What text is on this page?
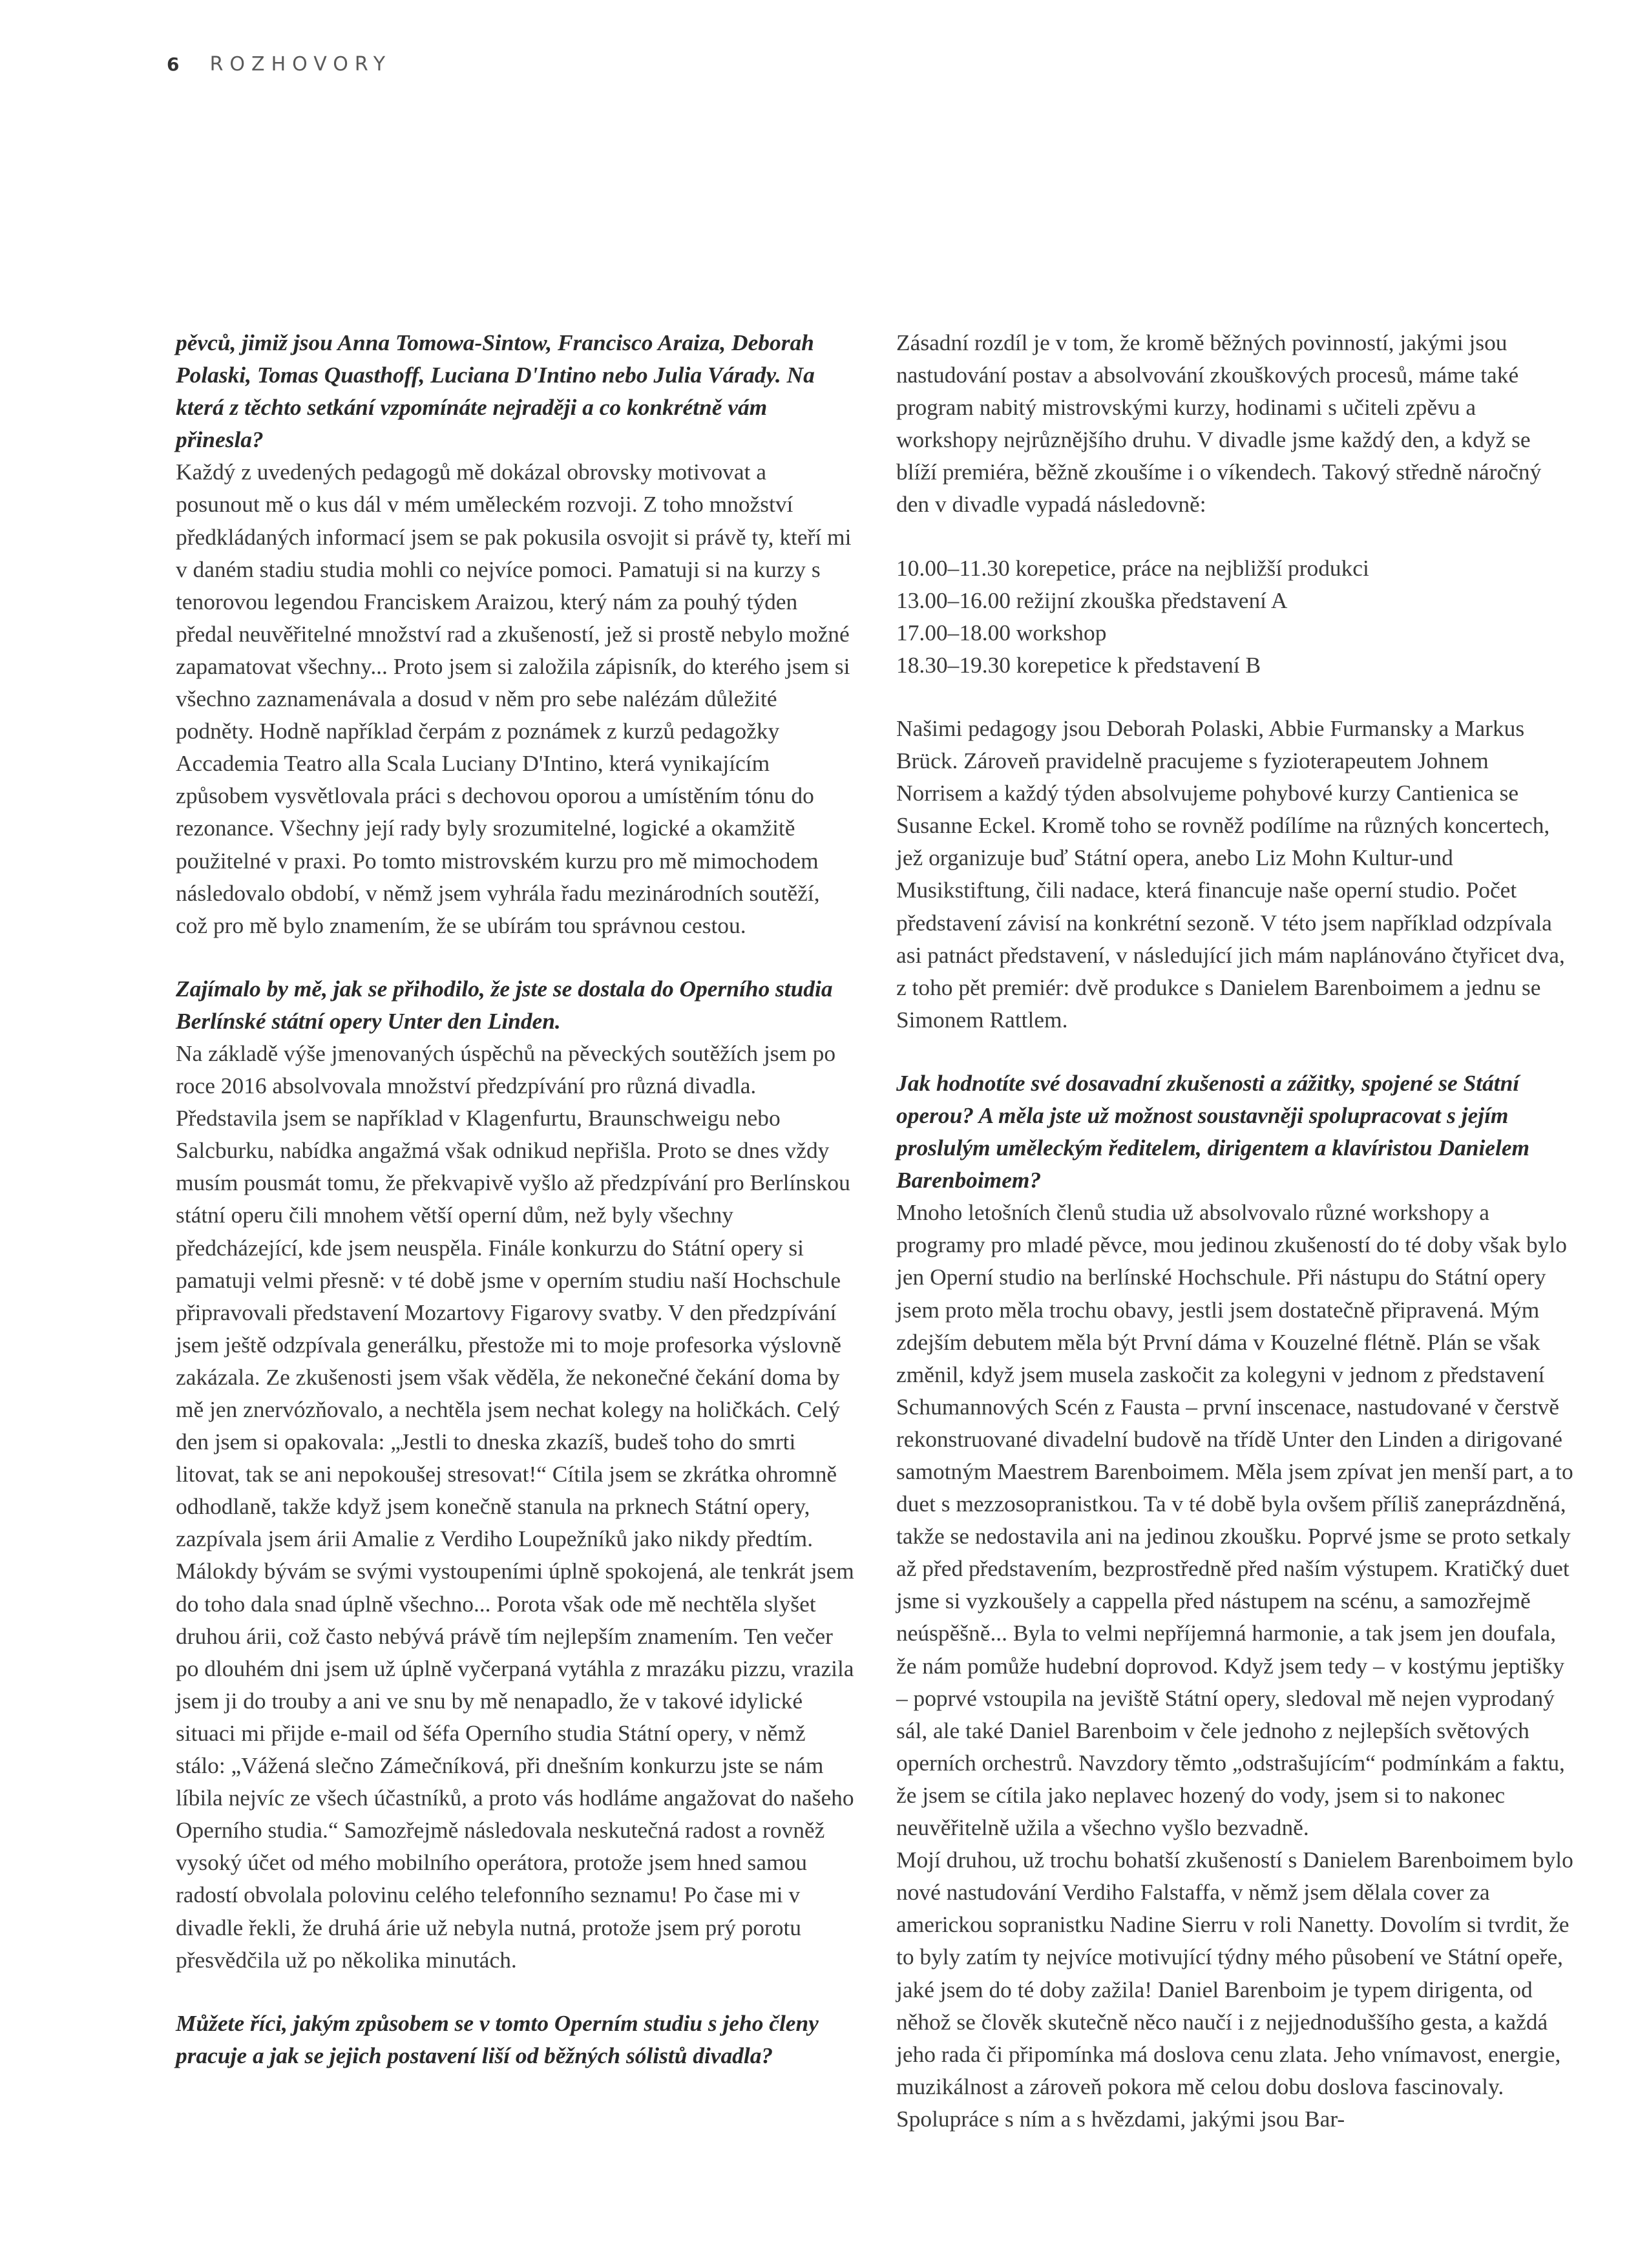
6 ROZHOVORY

pěvců, jimiž jsou Anna Tomowa-Sintow, Francisco Araiza, Deborah Polaski, Tomas Quasthoff, Luciana D'Intino nebo Julia Várady. Na která z těchto setkání vzpomínáte nejraději a co konkrétně vám přinesla?

Každý z uvedených pedagogů mě dokázal obrovsky motivovat a posunout mě o kus dál v mém uměleckém rozvoji. Z toho množství předkládaných informací jsem se pak pokusila osvojit si právě ty, kteří mi v daném stadiu studia mohli co nejvíce pomoci. Pamatuji si na kurzy s tenorovou legendou Franciskem Araizou, který nám za pouhý týden předal neuvěřitelné množství rad a zkušeností, jež si prostě nebylo možné zapamatovat všechny... Proto jsem si založila zápisník, do kterého jsem si všechno zaznamenávala a dosud v něm pro sebe nalézám důležité podněty. Hodně například čerpám z poznámek z kurzů pedagožky Accademia Teatro alla Scala Luciany D'Intino, která vynikajícím způsobem vysvětlovala práci s dechovou oporou a umístěním tónu do rezonance. Všechny její rady byly srozumitelné, logické a okamžitě použitelné v praxi. Po tomto mistrovském kurzu pro mě mimochodem následovalo období, v němž jsem vyhrála řadu mezinárodních soutěží, což pro mě bylo znamením, že se ubírám tou správnou cestou.

Zajímalo by mě, jak se přihodilo, že jste se dostala do Operního studia Berlínské státní opery Unter den Linden.

Na základě výše jmenovaných úspěchů na pěveckých soutěžích jsem po roce 2016 absolvovala množství předzpívání pro různá divadla. Představila jsem se například v Klagenfurtu, Braunschweigu nebo Salcburku, nabídka angažmá však odnikud nepřišla. Proto se dnes vždy musím pousmát tomu, že překvapivě vyšlo až předzpívání pro Berlínskou státní operu čili mnohem větší operní dům, než byly všechny předcházející, kde jsem neuspěla. Finále konkurzu do Státní opery si pamatuji velmi přesně: v té době jsme v operním studiu naší Hochschule připravovali představení Mozartovy Figarovy svatby. V den předzpívání jsem ještě odzpívala generálku, přestože mi to moje profesorka výslovně zakázala. Ze zkušenosti jsem však věděla, že nekonečné čekání doma by mě jen znervózňovalo, a nechtěla jsem nechat kolegy na holičkách. Celý den jsem si opakovala: „Jestli to dneska zkazíš, budeš toho do smrti litovat, tak se ani nepokoušej stresovat!“ Cítila jsem se zkrátka ohromně odhodlaně, takže když jsem konečně stanula na prknech Státní opery, zazpívala jsem árii Amalie z Verdiho Loupežníků jako nikdy předtím. Málokdy bývám se svými vystoupeními úplně spokojená, ale tenkrát jsem do toho dala snad úplně všechno... Porota však ode mě nechtěla slyšet druhou árii, což často nebývá právě tím nejlepším znamením. Ten večer po dlouhém dni jsem už úplně vyčerpaná vytáhla z mrazáku pizzu, vrazila jsem ji do trouby a ani ve snu by mě nenapadlo, že v takové idylické situaci mi přijde e-mail od šéfa Operního studia Státní opery, v němž stálo: „Vážená slečno Zámečníková, při dnešním konkurzu jste se nám líbila nejvíc ze všech účastníků, a proto vás hodláme angažovat do našeho Operního studia.“ Samozřejmě následovala neskutečná radost a rovněž vysoký účet od mého mobilního operátora, protože jsem hned samou radostí obvolala polovinu celého telefonního seznamu! Po čase mi v divadle řekli, že druhá árie už nebyla nutná, protože jsem prý porotu přesvědčila už po několika minutách.

Můžete říci, jakým způsobem se v tomto Operním studiu s jeho členy pracuje a jak se jejich postavení liší od běžných sólistů divadla?

Zásadní rozdíl je v tom, že kromě běžných povinností, jakými jsou nastudování postav a absolvování zkouškových procesů, máme také program nabitý mistrovskými kurzy, hodinami s učiteli zpěvu a workshopy nejrůznějšího druhu. V divadle jsme každý den, a když se blíží premiéra, běžně zkoušíme i o víkendech. Takový středně náročný den v divadle vypadá následovně:

10.00–11.30 korepetice, práce na nejbližší produkci
13.00–16.00 režijní zkouška představení A
17.00–18.00 workshop
18.30–19.30 korepetice k představení B

Našimi pedagogy jsou Deborah Polaski, Abbie Furmansky a Markus Brück. Zároveň pravidelně pracujeme s fyzioterapeutem Johnem Norrisem a každý týden absolvujeme pohybové kurzy Cantienica se Susanne Eckel. Kromě toho se rovněž podílíme na různých koncertech, jež organizuje buď Státní opera, anebo Liz Mohn Kultur-und Musikstiftung, čili nadace, která financuje naše operní studio. Počet představení závisí na konkrétní sezoně. V této jsem například odzpívala asi patnáct představení, v následující jich mám naplánováno čtyřicet dva, z toho pět premiér: dvě produkce s Danielem Barenboimem a jednu se Simonem Rattlem.

Jak hodnotíte své dosavadní zkušenosti a zážitky, spojené se Státní operou? A měla jste už možnost soustavněji spolupracovat s jejím proslulým uměleckým ředitelem, dirigentem a klavíristou Danielem Barenboimem?

Mnoho letošních členů studia už absolvovalo různé workshopy a programy pro mladé pěvce, mou jedinou zkušeností do té doby však bylo jen Operní studio na berlínské Hochschule. Při nástupu do Státní opery jsem proto měla trochu obavy, jestli jsem dostatečně připravená. Mým zdejším debutem měla být První dáma v Kouzelné flétně. Plán se však změnil, když jsem musela zaskočit za kolegyni v jednom z představení Schumannových Scén z Fausta – první inscenace, nastudované v čerstvě rekonstruované divadelní budově na třídě Unter den Linden a dirigované samotným Maestrem Barenboimem. Měla jsem zpívat jen menší part, a to duet s mezzosopranistkou. Ta v té době byla ovšem příliš zaneprázdněná, takže se nedostavila ani na jedinou zkoušku. Poprvé jsme se proto setkaly až před představením, bezprostředně před naším výstupem. Kratičký duet jsme si vyzkoušely a cappella před nástupem na scénu, a samozřejmě neúspěšně... Byla to velmi nepříjemná harmonie, a tak jsem jen doufala, že nám pomůže hudební doprovod. Když jsem tedy – v kostýmu jeptišky – poprvé vstoupila na jeviště Státní opery, sledoval mě nejen vyprodaný sál, ale také Daniel Barenboim v čele jednoho z nejlepších světových operních orchestrů. Navzdory těmto „odstrašujícím“ podmínkám a faktu, že jsem se cítila jako neplavec hozený do vody, jsem si to nakonec neuvěřitelně užila a všechno vyšlo bezvadně.

Mojí druhou, už trochu bohatší zkušeností s Danielem Barenboimem bylo nové nastudování Verdiho Falstaffa, v němž jsem dělala cover za americkou sopranistku Nadine Sierru v roli Nanetty. Dovolím si tvrdit, že to byly zatím ty nejvíce motivující týdny mého působení ve Státní opeře, jaké jsem do té doby zažila! Daniel Barenboim je typem dirigenta, od něhož se člověk skutečně něco naučí i z nejjednoduššího gesta, a každá jeho rada či připomínka má doslova cenu zlata. Jeho vnímavost, energie, muzikálnost a zároveň pokora mě celou dobu doslova fascinovaly. Spolupráce s ním a s hvězdami, jakými jsou Bar-
